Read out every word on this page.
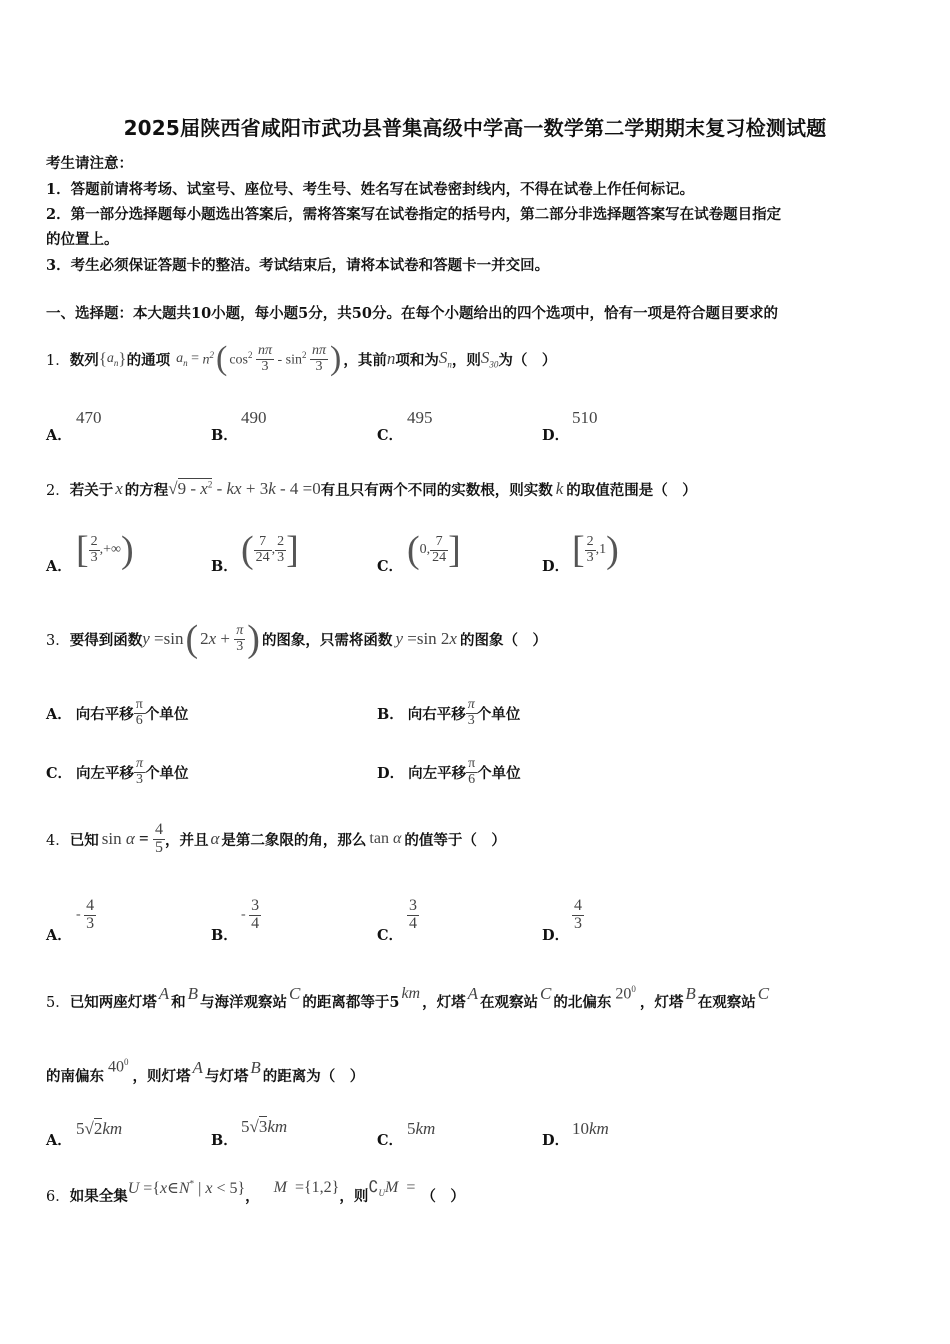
2025届陕西省咸阳市武功县普集高级中学高一数学第二学期期末复习检测试题
考生请注意：
1．答题前请将考场、试室号、座位号、考生号、姓名写在试卷密封线内，不得在试卷上作任何标记。
2．第一部分选择题每小题选出答案后，需将答案写在试卷指定的括号内，第二部分非选择题答案写在试卷题目指定
的位置上。
3．考生必须保证答题卡的整洁。考试结束后，请将本试卷和答题卡一并交回。
一、选择题：本大题共10小题，每小题5分，共50分。在每个小题给出的四个选项中，恰有一项是符合题目要求的
1． 数列 { $a_n$ } 的通项 $a_n = n^2$ ( $\cos^2 \frac{n\pi}{3} - \sin^2 \frac{n\pi}{3}$ ) ，其前 n 项和为 $S_n$ ，则 $S_{30}$ 为（　）
A．
470
B．
490
C．
495
D．
510
2． 若关于 x 的方程 $√9 - x^2$ - kx + 3k - 4 =0 有且只有两个不同的实数根，则实数 k 的取值范围是（　）
A． [ $\frac{2}{3}$ ,+∞ )	B． ( $\frac{7}{24}$ , $\frac{2}{3}$ ]	C． ( 0, $\frac{7}{24}$ ]	D． [ $\frac{2}{3} ,1$ )
3． 要得到函数 y =sin ( $2x + \frac{\pi}{3}$ ) 的图象，只需将函数 y =sin 2x 的图象（　）
A． 向右平移 $\frac{\pi}{6}$ 个单位	B． 向右平移 $\frac{\pi}{3}$ 个单位
C． 向左平移 $\frac{\pi}{3}$ 个单位	D． 向左平移 $\frac{\pi}{6}$ 个单位
4． 已知 $\sin \alpha = \frac{4}{5}$ ，并且 α 是第二象限的角，那么 tan α 的值等于（　）
A．
- $\frac{4}{3}$
B．
- $\frac{3}{4}$
C．
$\frac{3}{4}$
D．
$\frac{4}{3}$
5． 已知两座灯塔 A 和 B 与海洋观察站 C 的距离都等于5 km ，灯塔 A 在观察站 C 的北偏东 $20^0$
，灯塔 B 在观察站 C
的南偏东
$40^0$
，则灯塔 A 与灯塔 B 的距离为（　）
A．
5√2km
B．
5√3km
C．
5km
D．
10km
6． 如果全集 U ={x∈N* | x < 5} ， M  ={1,2} ，则 $∁_UM$  = （　）
